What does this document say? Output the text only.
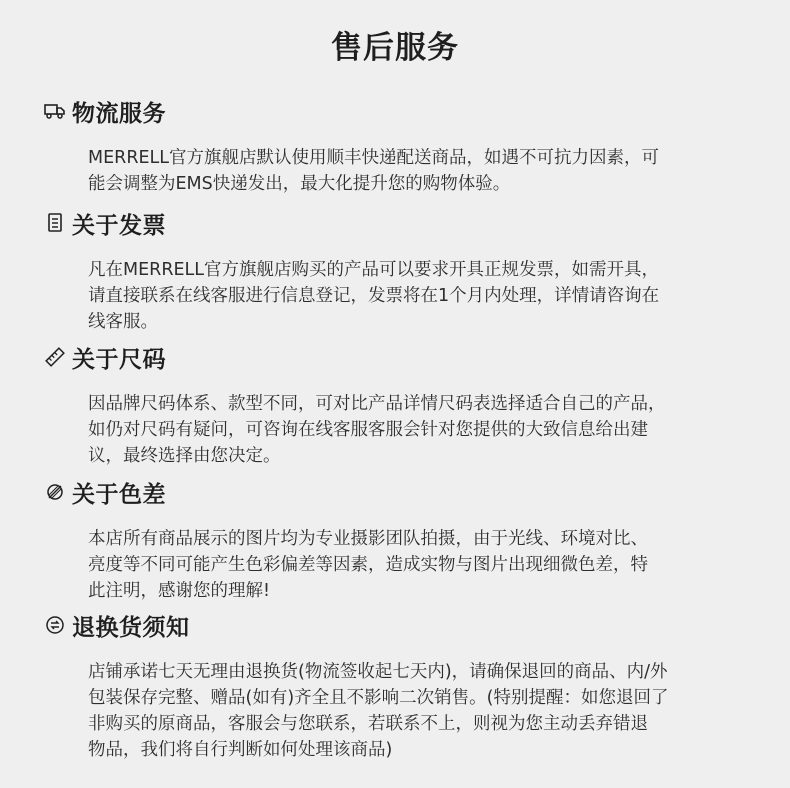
售后服务
物流服务
MERRELL官方旗舰店默认使用顺丰快递配送商品，如遇不可抗力因素，可
能会调整为EMS快递发出，最大化提升您的购物体验。
关于发票
凡在MERRELL官方旗舰店购买的产品可以要求开具正规发票，如需开具，
请直接联系在线客服进行信息登记，发票将在1个月内处理，详情请咨询在
线客服。
关于尺码
因品牌尺码体系、款型不同，可对比产品详情尺码表选择适合自己的产品，
如仍对尺码有疑问，可咨询在线客服客服会针对您提供的大致信息给出建
议，最终选择由您决定。
关于色差
本店所有商品展示的图片均为专业摄影团队拍摄，由于光线、环境对比、
亮度等不同可能产生色彩偏差等因素，造成实物与图片出现细微色差，特
此注明，感谢您的理解!
退换货须知
店铺承诺七天无理由退换货(物流签收起七天内)，请确保退回的商品、内/外
包装保存完整、赠品(如有)齐全且不影响二次销售。(特别提醒：如您退回了
非购买的原商品，客服会与您联系，若联系不上，则视为您主动丢弃错退
物品，我们将自行判断如何处理该商品)
